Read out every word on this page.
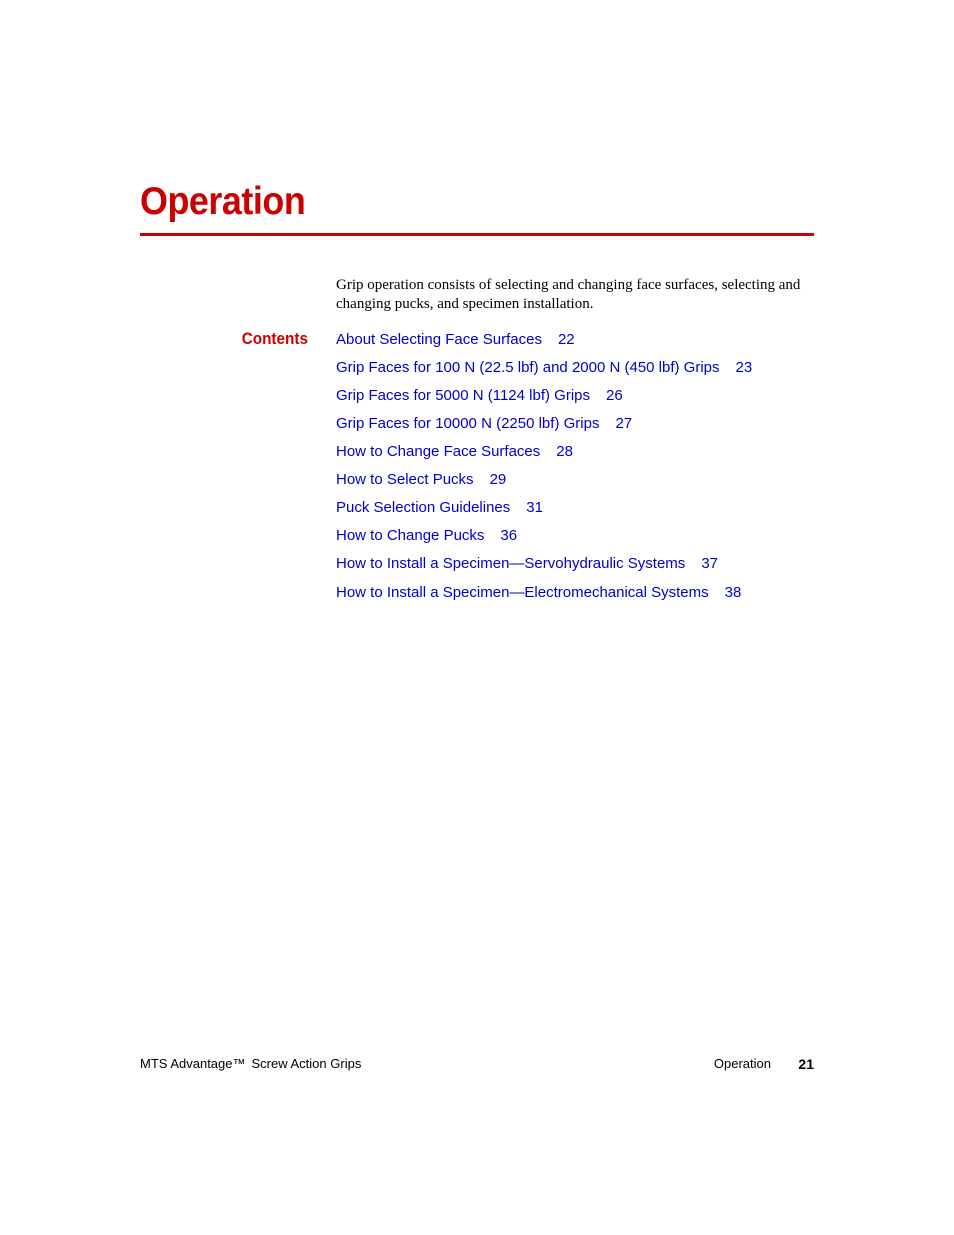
Operation

Grip operation consists of selecting and changing face surfaces, selecting and changing pucks, and specimen installation.

Contents About Selecting Face Surfaces 22
Grip Faces for 100 N (22.5 lbf) and 2000 N (450 lbf) Grips 23
Grip Faces for 5000 N (1124 lbf) Grips 26
Grip Faces for 10000 N (2250 lbf) Grips 27
How to Change Face Surfaces 28
How to Select Pucks 29
Puck Selection Guidelines 31
How to Change Pucks 36
How to Install a Specimen—Servohydraulic Systems 37
How to Install a Specimen—Electromechanical Systems 38
MTS Advantage™ Screw Action Grips	Operation 21
